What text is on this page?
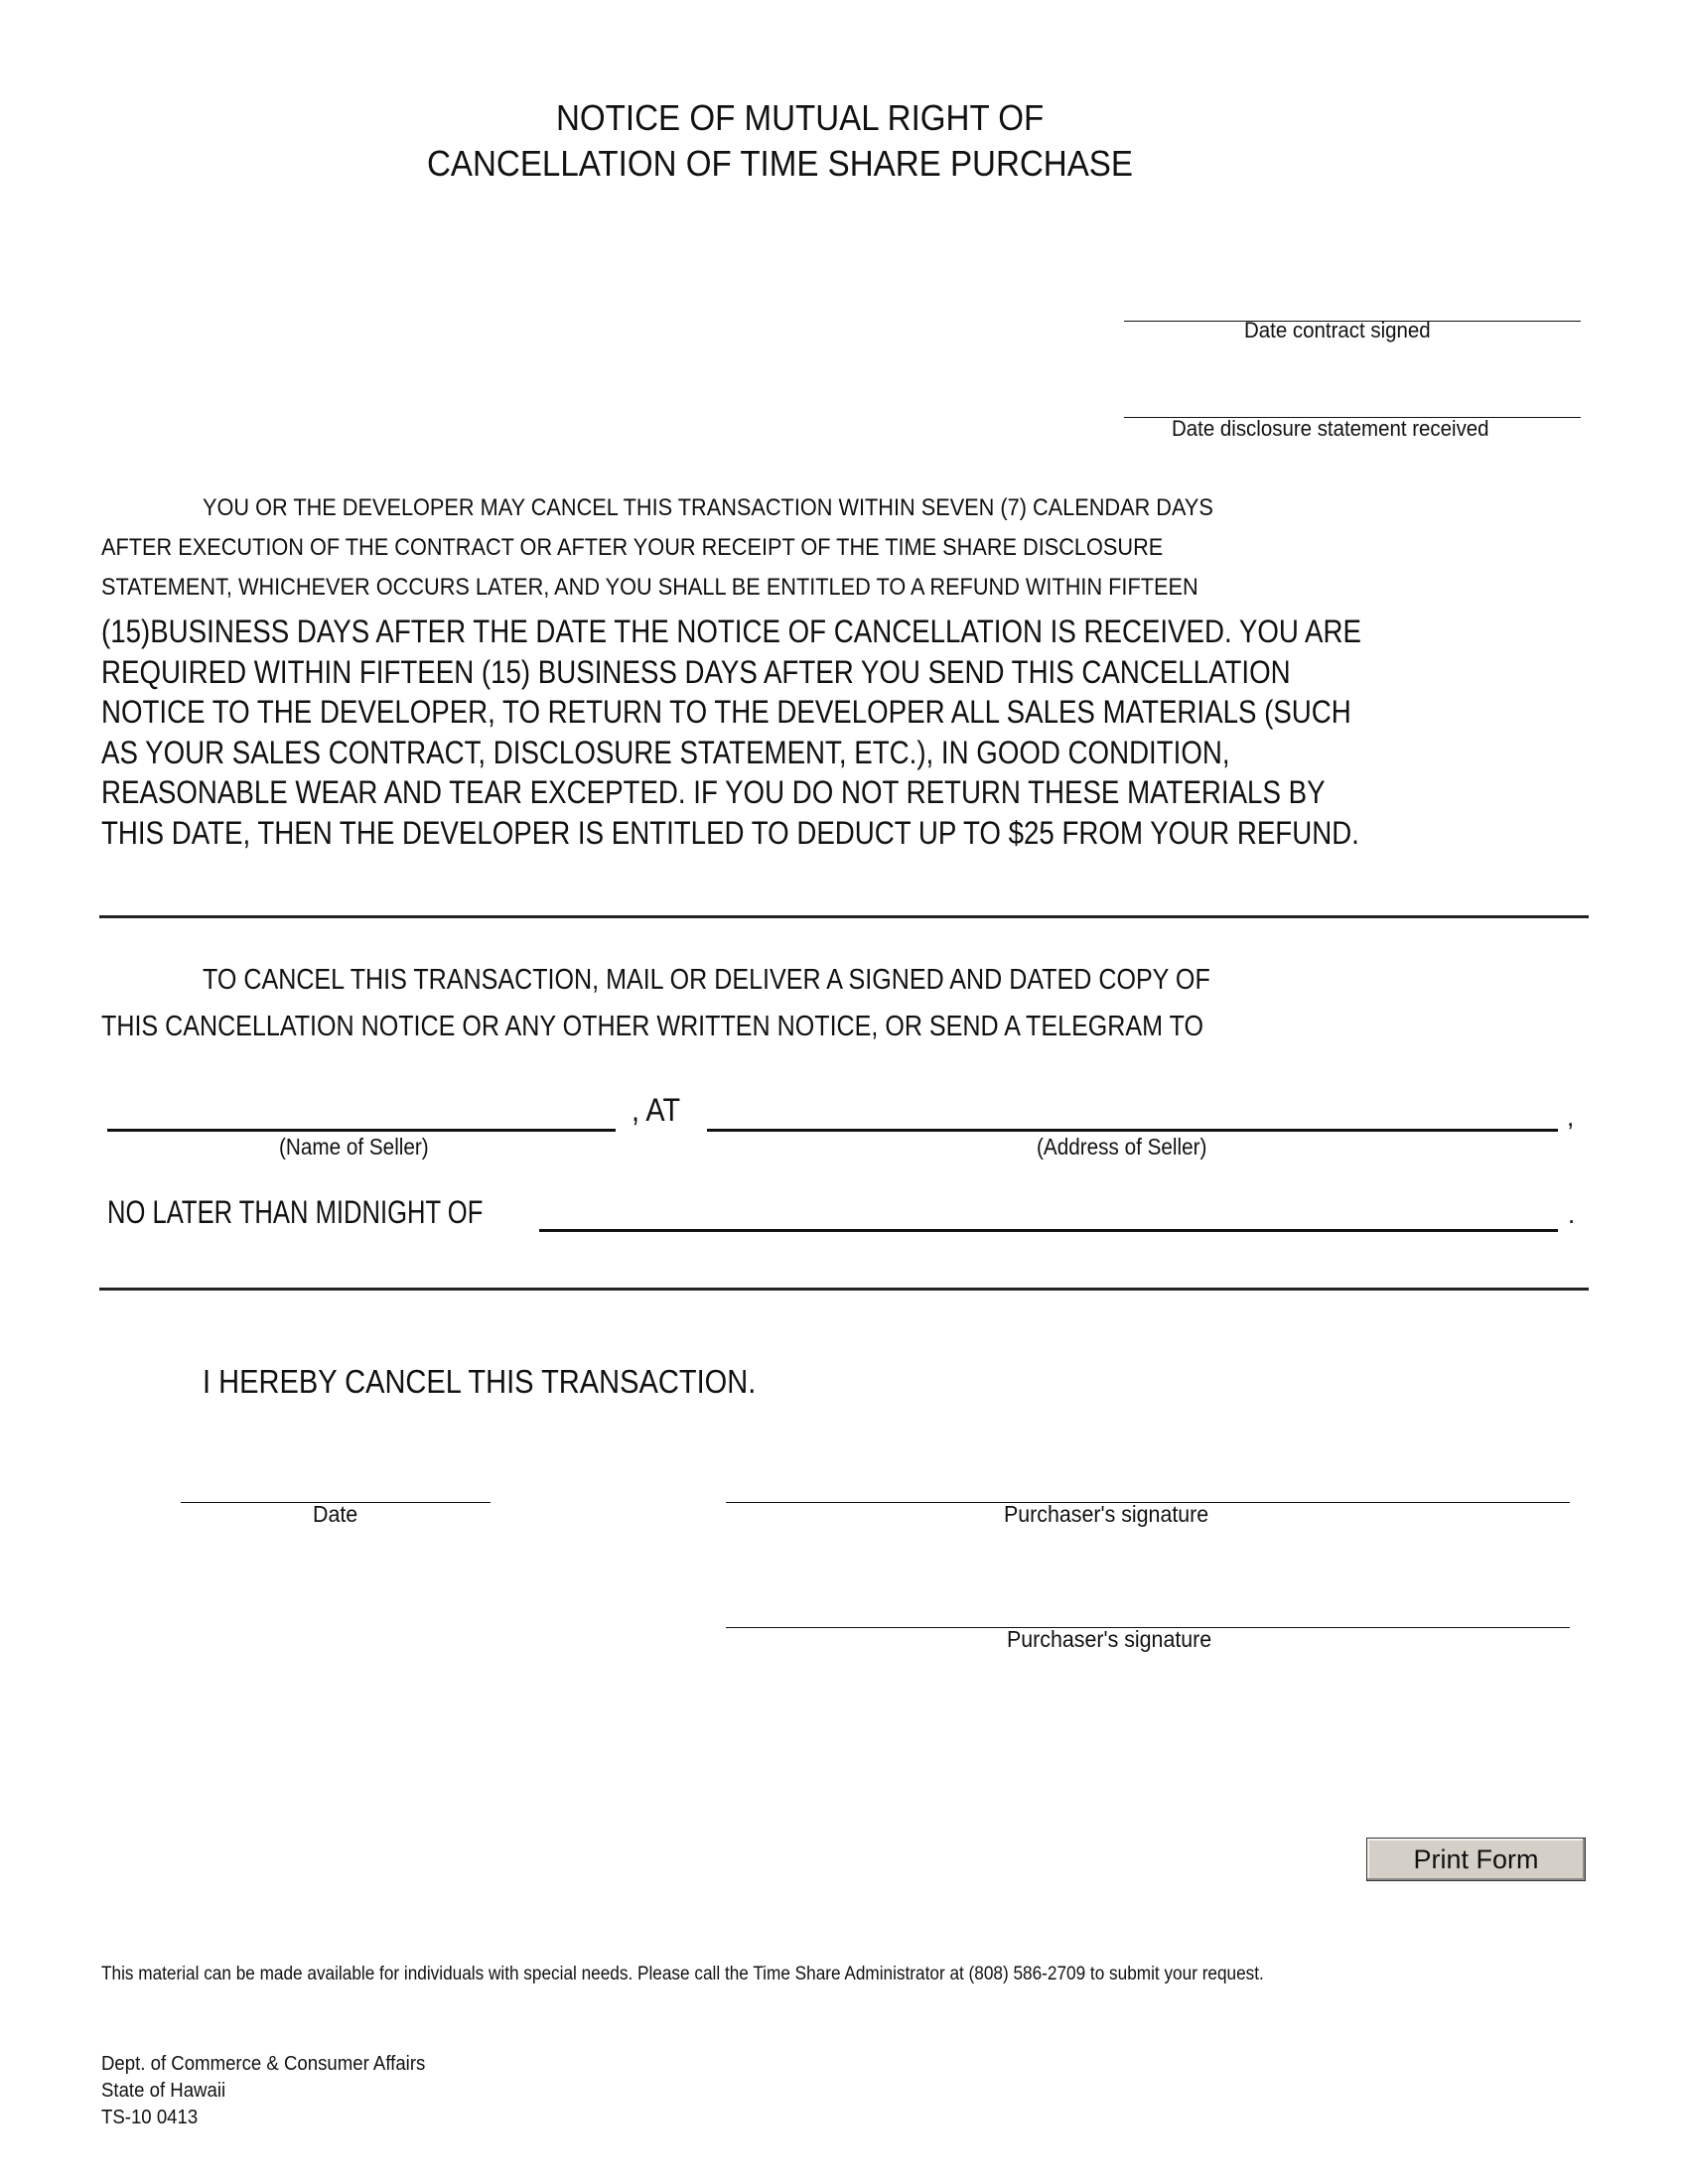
NOTICE OF MUTUAL RIGHT OF
CANCELLATION OF TIME SHARE PURCHASE
Date contract signed
Date disclosure statement received
YOU OR THE DEVELOPER MAY CANCEL THIS TRANSACTION WITHIN SEVEN (7) CALENDAR DAYS
AFTER EXECUTION OF THE CONTRACT OR AFTER YOUR RECEIPT OF THE TIME SHARE DISCLOSURE
STATEMENT, WHICHEVER OCCURS LATER, AND YOU SHALL BE ENTITLED TO A REFUND WITHIN FIFTEEN
(15)BUSINESS DAYS AFTER THE DATE THE NOTICE OF CANCELLATION IS RECEIVED. YOU ARE
REQUIRED WITHIN FIFTEEN (15) BUSINESS DAYS AFTER YOU SEND THIS CANCELLATION
NOTICE TO THE DEVELOPER, TO RETURN TO THE DEVELOPER ALL SALES MATERIALS (SUCH
AS YOUR SALES CONTRACT, DISCLOSURE STATEMENT, ETC.), IN GOOD CONDITION,
REASONABLE WEAR AND TEAR EXCEPTED. IF YOU DO NOT RETURN THESE MATERIALS BY
THIS DATE, THEN THE DEVELOPER IS ENTITLED TO DEDUCT UP TO $25 FROM YOUR REFUND.
TO CANCEL THIS TRANSACTION, MAIL OR DELIVER A SIGNED AND DATED COPY OF
THIS CANCELLATION NOTICE OR ANY OTHER WRITTEN NOTICE, OR SEND A TELEGRAM TO
, AT	,
(Name of Seller)	(Address of Seller)
NO LATER THAN MIDNIGHT OF	.
I HEREBY CANCEL THIS TRANSACTION.
Date	Purchaser's signature
Purchaser's signature
Print Form
This material can be made available for individuals with special needs. Please call the Time Share Administrator at (808) 586-2709 to submit your request.
Dept. of Commerce & Consumer Affairs
State of Hawaii
TS-10 0413
